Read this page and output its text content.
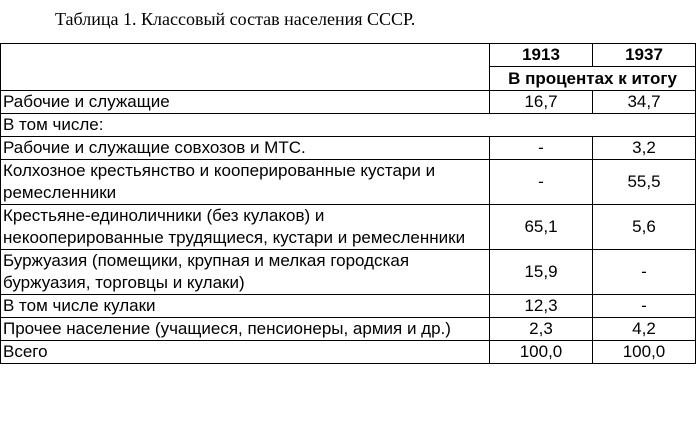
Таблица 1. Классовый состав населения СССР.
	1913	1937
	В процентах к итогу	
Рабочие и служащие	16,7	34,7
В том числе:		
Рабочие и служащие совхозов и МТС.	-	3,2
Колхозное крестьянство и кооперированные кустари и ремесленники	-	55,5
Крестьяне-единоличники (без кулаков) и некооперированные трудящиеся, кустари и ремесленники	65,1	5,6
Буржуазия (помещики, крупная и мелкая городская буржуазия, торговцы и кулаки)	15,9	-
В том числе кулаки	12,3	-
Прочее население (учащиеся, пенсионеры, армия и др.)	2,3	4,2
Всего	100,0	100,0
